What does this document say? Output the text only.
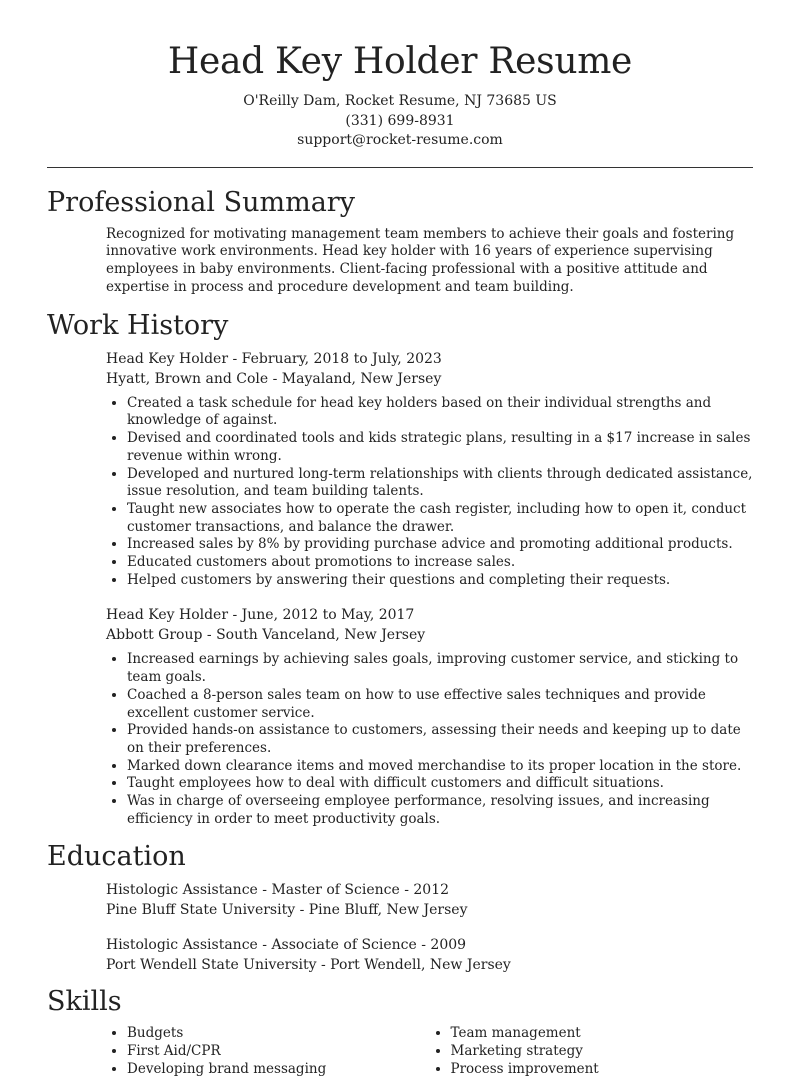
Head Key Holder Resume
O'Reilly Dam, Rocket Resume, NJ 73685 US
(331) 699-8931
support@rocket-resume.com
Professional Summary

Recognized for motivating management team members to achieve their goals and fostering innovative work environments. Head key holder with 16 years of experience supervising employees in baby environments. Client-facing professional with a positive attitude and expertise in process and procedure development and team building.

Work History
Head Key Holder - February, 2018 to July, 2023
Hyatt, Brown and Cole - Mayaland, New Jersey
• Created a task schedule for head key holders based on their individual strengths and knowledge of against.
• Devised and coordinated tools and kids strategic plans, resulting in a $17 increase in sales revenue within wrong.
• Developed and nurtured long-term relationships with clients through dedicated assistance, issue resolution, and team building talents.
• Taught new associates how to operate the cash register, including how to open it, conduct customer transactions, and balance the drawer.
• Increased sales by 8% by providing purchase advice and promoting additional products.
• Educated customers about promotions to increase sales.
• Helped customers by answering their questions and completing their requests.
Head Key Holder - June, 2012 to May, 2017
Abbott Group - South Vanceland, New Jersey
• Increased earnings by achieving sales goals, improving customer service, and sticking to team goals.
• Coached a 8-person sales team on how to use effective sales techniques and provide excellent customer service.
• Provided hands-on assistance to customers, assessing their needs and keeping up to date on their preferences.
• Marked down clearance items and moved merchandise to its proper location in the store.
• Taught employees how to deal with difficult customers and difficult situations.
• Was in charge of overseeing employee performance, resolving issues, and increasing efficiency in order to meet productivity goals.
Education
Histologic Assistance - Master of Science - 2012
Pine Bluff State University - Pine Bluff, New Jersey
Histologic Assistance - Associate of Science - 2009
Port Wendell State University - Port Wendell, New Jersey
Skills
• Budgets
• First Aid/CPR
• Developing brand messaging
• Team management
• Marketing strategy
• Process improvement
